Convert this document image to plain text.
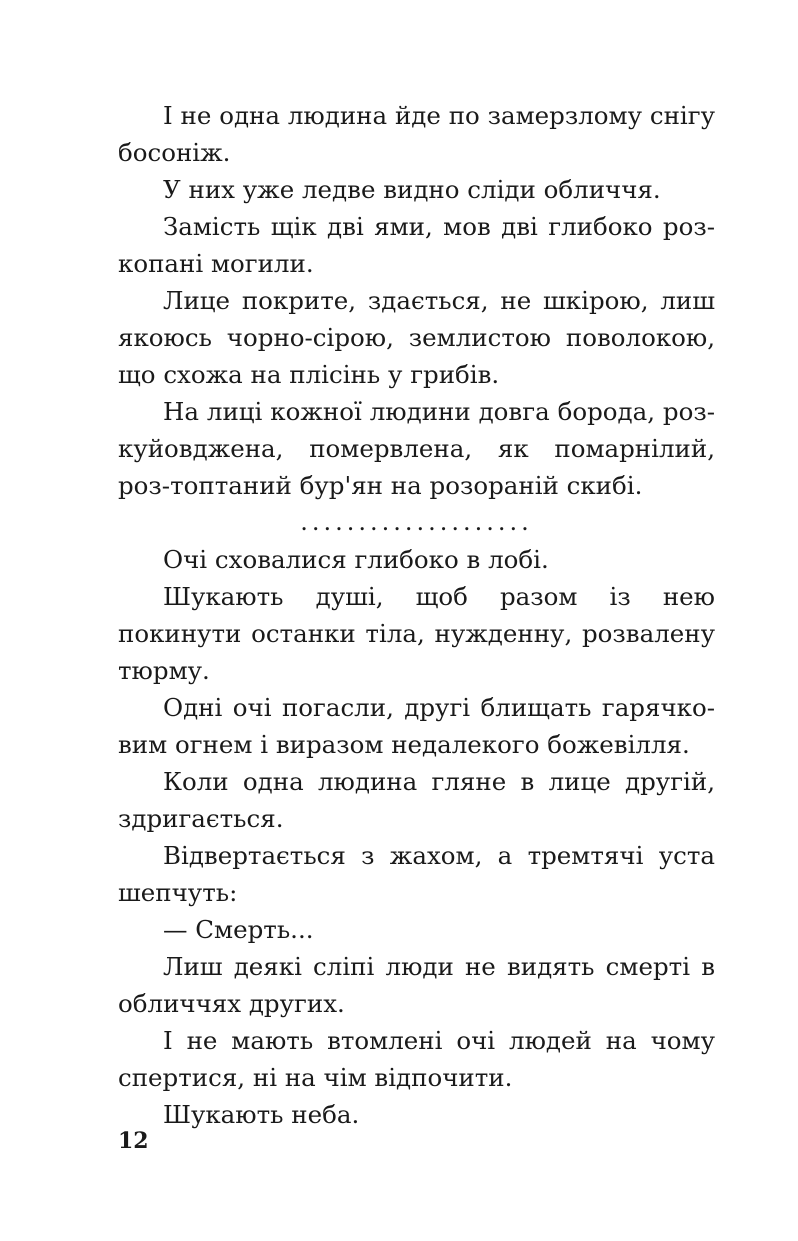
І не одна людина йде по замерзлому снігу босоніж.

У них уже ледве видно сліди обличчя.

Замість щік дві ями, мов дві глибоко роз-копані могили.

Лице покрите, здається, не шкірою, лиш якоюсь чорно-сірою, землистою поволокою, що схожа на плісінь у грибів.

На лиці кожної людини довга борода, роз-куйовджена, помервлена, як помарнілий, роз-топтаний бур'ян на розораній скибі.

....................

Очі сховалися глибоко в лобі.

Шукають душі, щоб разом із нею покинути останки тіла, нужденну, розвалену тюрму.

Одні очі погасли, другі блищать гарячко-вим огнем і виразом недалекого божевілля.

Коли одна людина гляне в лице другій, здригається.

Відвертається з жахом, а тремтячі уста шепчуть:

— Смерть...

Лиш деякі сліпі люди не видять смерті в обличчях других.

І не мають втомлені очі людей на чому спертися, ні на чім відпочити.

Шукають неба.

12
